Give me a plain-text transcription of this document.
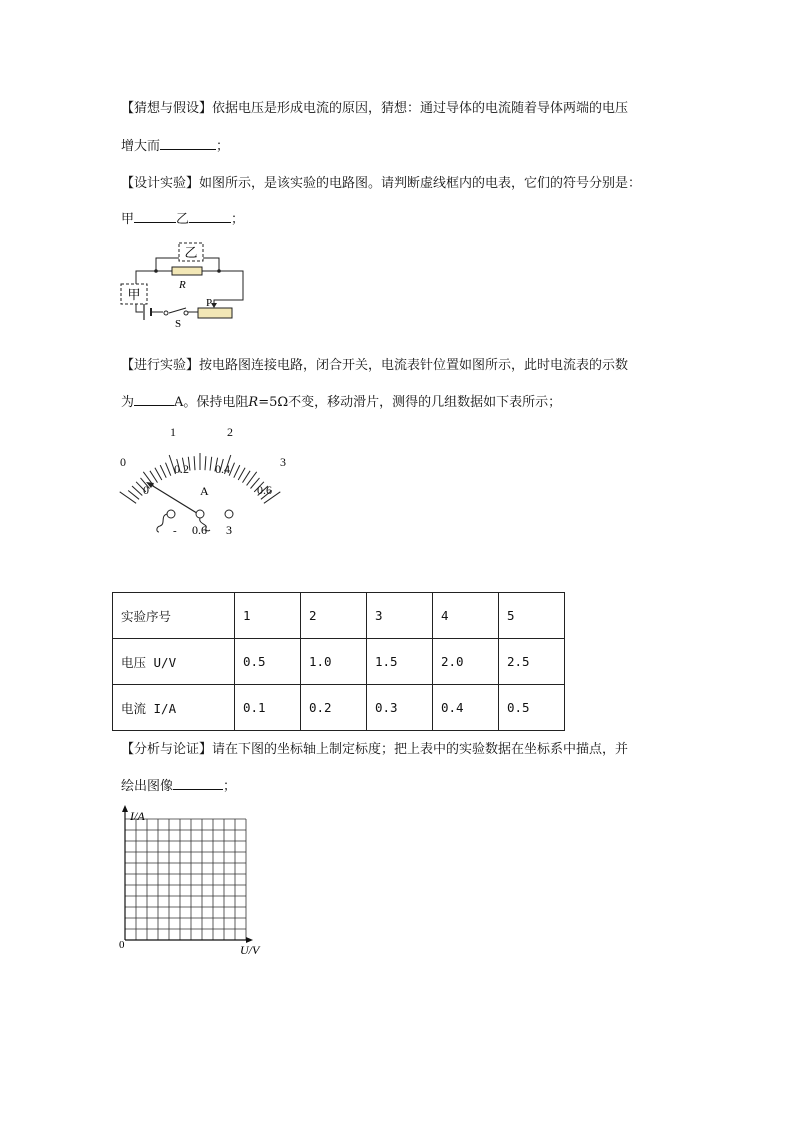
【猜想与假设】依据电压是形成电流的原因，猜想：通过导体的电流随着导体两端的电压
增大而	；
【设计实验】如图所示，是该实验的电路图。请判断虚线框内的电表，它们的符号分别是：
甲	乙	；
乙
R
甲
S
P
【进行实验】按电路图连接电路，闭合开关，电流表针位置如图所示，此时电流表的示数
为	A。保持电阻R=5Ω不变，移动滑片，测得的几组数据如下表所示；
0
1	2
3
0
0.2 0.4
0.6
A
- 0.6 3
实验序号	1	2	3	4	5
电压 U/V	0.5	1.0	1.5	2.0	2.5
电流 I/A	0.1	0.2	0.3	0.4	0.5
【分析与论证】请在下图的坐标轴上制定标度；把上表中的实验数据在坐标系中描点，并
绘出图像	；
I/A
0	U/V
